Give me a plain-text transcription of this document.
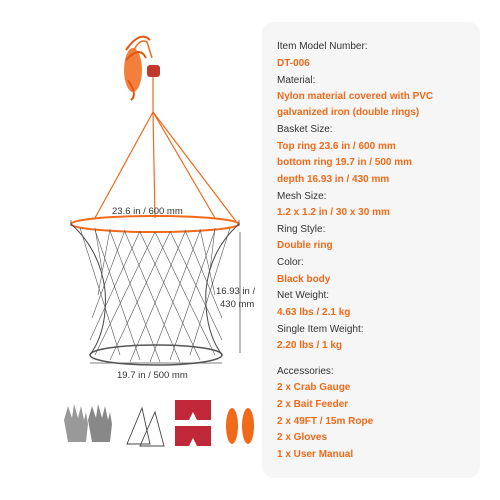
23.6 in / 600 mm
16.93 in /
430 mm
19.7 in / 500 mm
Item Model Number:
DT-006
Material:
Nylon material covered with PVC
galvanized iron (double rings)
Basket Size:
Top ring 23.6 in / 600 mm
bottom ring 19.7 in / 500 mm
depth 16.93 in / 430 mm
Mesh Size:
1.2 x 1.2 in / 30 x 30 mm
Ring Style:
Double ring
Color:
Black body
Net Weight:
4.63 lbs / 2.1 kg
Single Item Weight:
2.20 lbs / 1 kg
Accessories:
2 x Crab Gauge
2 x Bait Feeder
2 x 49FT / 15m Rope
2 x Gloves
1 x User Manual
